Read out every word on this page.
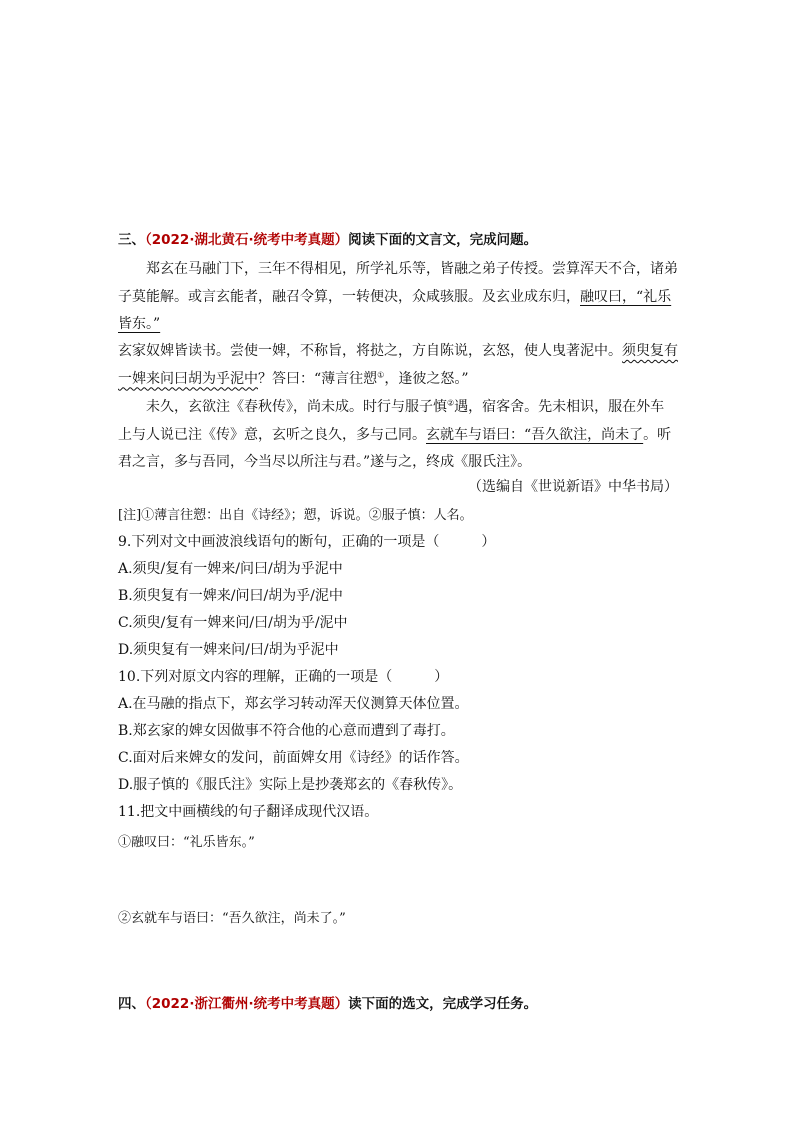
三、（2022·湖北黄石·统考中考真题）阅读下面的文言文，完成问题。
郑玄在马融门下，三年不得相见，所学礼乐等，皆融之弟子传授。尝算浑天不合，诸弟子莫能解。或言玄能者，融召令算，一转便决，众咸骇服。及玄业成东归，融叹曰，“礼乐皆东。”
玄家奴婢皆读书。尝使一婢，不称旨，将挞之，方自陈说，玄怒，使人曳著泥中。须臾复有一婢来问曰胡为乎泥中？答曰：“薄言往愬①，逢彼之怒。”
未久，玄欲注《春秋传》，尚未成。时行与服子慎②遇，宿客舍。先未相识，服在外车上与人说已注《传》意，玄听之良久，多与己同。玄就车与语曰：“吾久欲注，尚未了。听君之言，多与吾同，今当尽以所注与君。”遂与之，终成《服氏注》。
（选编自《世说新语》中华书局）
[注]①薄言往愬：出自《诗经》；愬，诉说。②服子慎：人名。
9.下列对文中画波浪线语句的断句，正确的一项是（　　　）
A.须臾/复有一婢来/问曰/胡为乎泥中
B.须臾复有一婢来/问曰/胡为乎/泥中
C.须臾/复有一婢来问/曰/胡为乎/泥中
D.须臾复有一婢来问/曰/胡为乎泥中
10.下列对原文内容的理解，正确的一项是（　　　）
A.在马融的指点下，郑玄学习转动浑天仪测算天体位置。
B.郑玄家的婢女因做事不符合他的心意而遭到了毒打。
C.面对后来婢女的发问，前面婢女用《诗经》的话作答。
D.服子慎的《服氏注》实际上是抄袭郑玄的《春秋传》。
11.把文中画横线的句子翻译成现代汉语。
①融叹曰：“礼乐皆东。”
②玄就车与语曰：“吾久欲注，尚未了。”
四、（2022·浙江衢州·统考中考真题）读下面的选文，完成学习任务。
